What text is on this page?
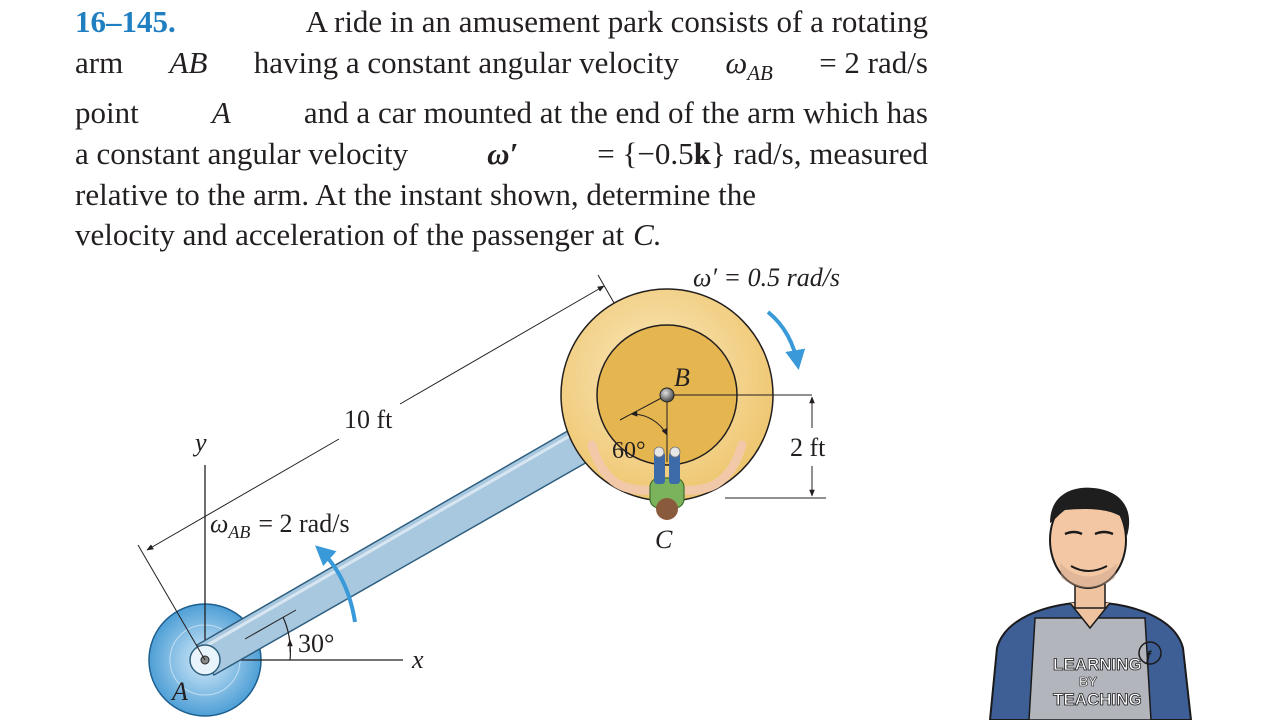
16–145.	A ride in an amusement park consists of a rotating
arm AB having a constant angular velocity $\omega_{AB} = 2$ rad/s
point A and a car mounted at the end of the arm which has
a constant angular velocity	ω′	= {−0.5k} rad/s, measured
relative to the arm. At the instant shown, determine the
velocity and acceleration of the passenger at C.
30°
$\omega_{AB} = 2$ rad/s
y
x
A
10 ft
60°
B
C
2 ft
ω′ = 0.5 rad/s
ƒ
LEARNING
BY
TEACHING
